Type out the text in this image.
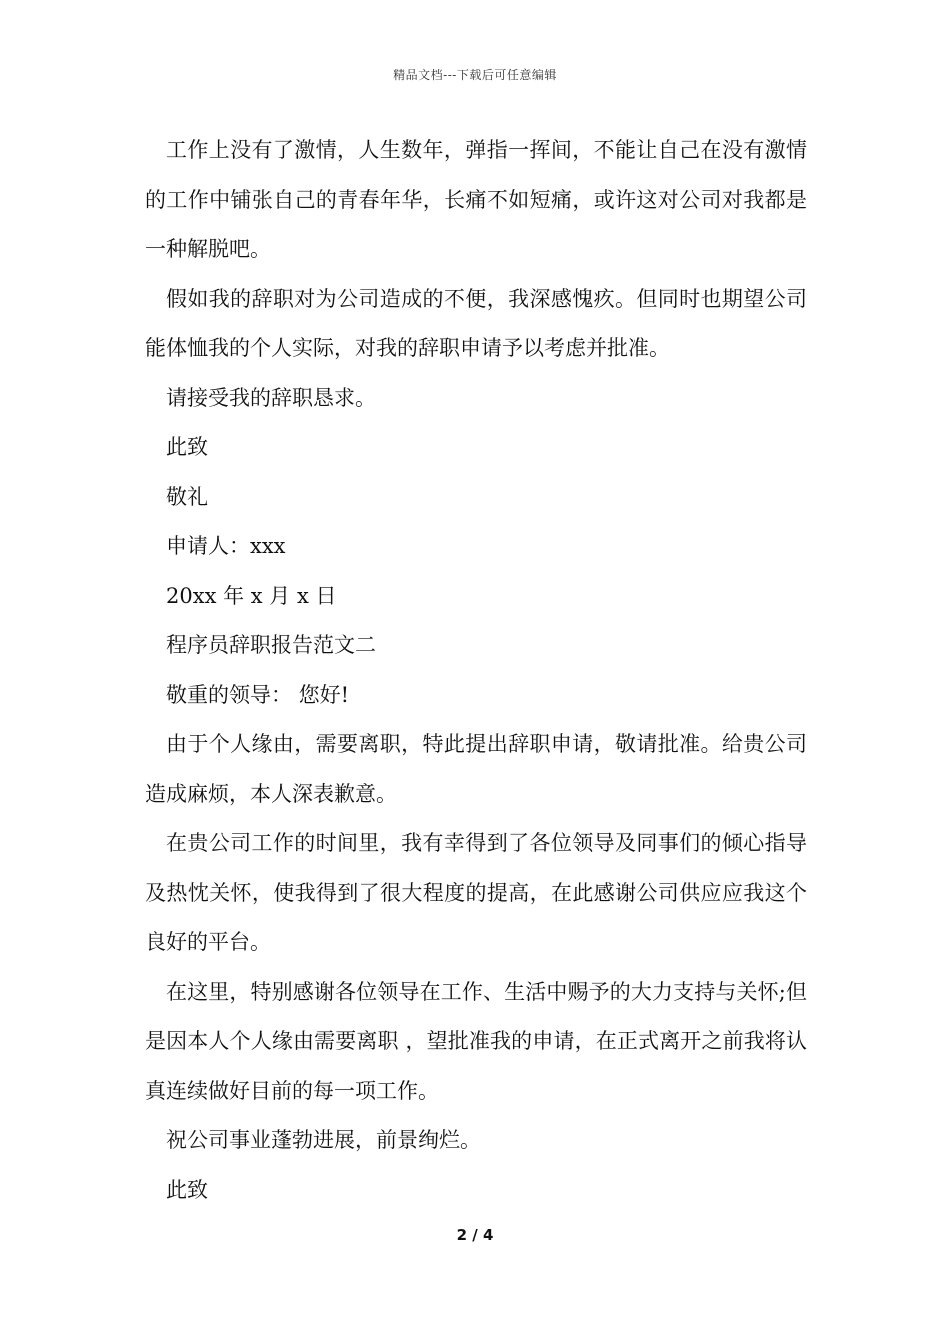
精品文档---下载后可任意编辑

工作上没有了激情，人生数年，弹指一挥间，不能让自己在没有激情的工作中铺张自己的青春年华，长痛不如短痛，或许这对公司对我都是一种解脱吧。

假如我的辞职对为公司造成的不便，我深感愧疚。但同时也期望公司能体恤我的个人实际，对我的辞职申请予以考虑并批准。

请接受我的辞职恳求。

此致

敬礼

申请人：xxx

20xx 年 x 月 x 日

程序员辞职报告范文二

敬重的领导： 您好!

由于个人缘由，需要离职，特此提出辞职申请，敬请批准。给贵公司造成麻烦，本人深表歉意。

在贵公司工作的时间里，我有幸得到了各位领导及同事们的倾心指导及热忱关怀，使我得到了很大程度的提高，在此感谢公司供应应我这个良好的平台。

在这里，特别感谢各位领导在工作、生活中赐予的大力支持与关怀;但是因本人个人缘由需要离职 ，望批准我的申请，在正式离开之前我将认真连续做好目前的每一项工作。

祝公司事业蓬勃进展，前景绚烂。

此致

2 / 4
